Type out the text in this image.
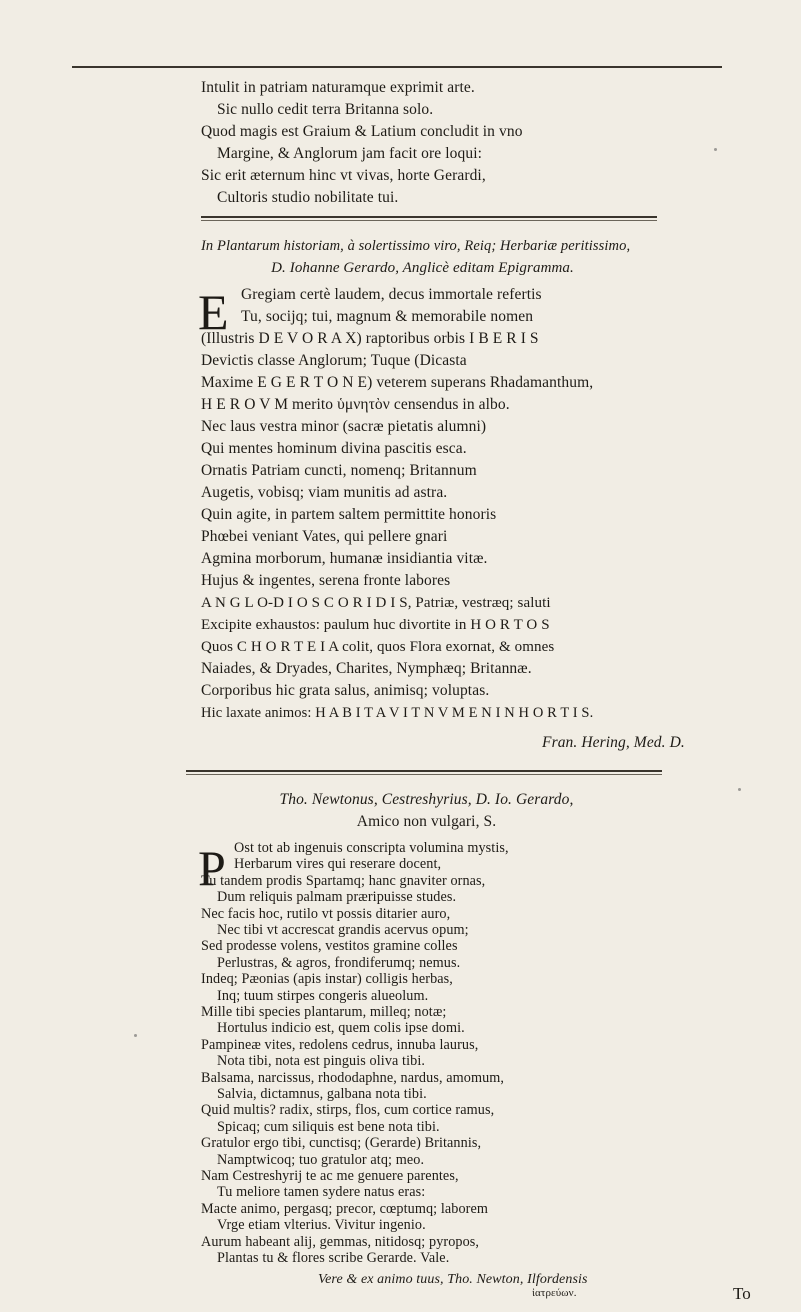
Intulit in patriam naturamque exprimit arte.
Sic nullo cedit terra Britanna solo.
Quod magis est Graium & Latium concludit in vno
Margine, & Anglorum jam facit ore loqui:
Sic erit æternum hinc vt vivas, horte Gerardi,
Cultoris studio nobilitate tui.
In Plantarum historiam, à solertissimo viro, Reiq; Herbariæ peritissimo,
D. Iohanne Gerardo, Anglicè editam Epigramma.
E Gregiam certè laudem, decus immortale refertis
Tu, socijq; tui, magnum & memorabile nomen
(Illustris D E V O R A X) raptoribus orbis I B E R I S
Devictis classe Anglorum; Tuque (Dicasta
Maxime E G E R T O N E) veterem superans Rhadamanthum,
H E R O V M merito ὑμνητὸν censendus in albo.
Nec laus vestra minor (sacræ pietatis alumni)
Qui mentes hominum divina pascitis esca.
Ornatis Patriam cuncti, nomenq; Britannum
Augetis, vobisq; viam munitis ad astra.
Quin agite, in partem saltem permittite honoris
Phœbei veniant Vates, qui pellere gnari
Agmina morborum, humanæ insidiantia vitæ.
Hujus & ingentes, serena fronte labores
A N G L O-D I O S C O R I D I S, Patriæ, vestræq; saluti
Excipite exhaustos: paulum huc divortite in H O R T O S
Quos C H O R T E I A colit, quos Flora exornat, & omnes
Naiades, & Dryades, Charites, Nymphæq; Britannæ.
Corporibus hic grata salus, animisq; voluptas.
Hic laxate animos: H A B I T A V I T N V M E N I N H O R T I S.
Fran. Hering, Med. D.
Tho. Newtonus, Cestreshyrius, D. Io. Gerardo,
Amico non vulgari, S.
P Ost tot ab ingenuis conscripta volumina mystis,
Herbarum vires qui reserare docent,
Tu tandem prodis Spartamq; hanc gnaviter ornas,
Dum reliquis palmam præripuisse studes.
Nec facis hoc, rutilo vt possis ditarier auro,
Nec tibi vt accrescat grandis acervus opum;
Sed prodesse volens, vestitos gramine colles
Perlustras, & agros, frondiferumq; nemus.
Indeq; Pæonias (apis instar) colligis herbas,
Inq; tuum stirpes congeris alueolum.
Mille tibi species plantarum, milleq; notæ;
Hortulus indicio est, quem colis ipse domi.
Pampineæ vites, redolens cedrus, innuba laurus,
Nota tibi, nota est pinguis oliva tibi.
Balsama, narcissus, rhododaphne, nardus, amomum,
Salvia, dictamnus, galbana nota tibi.
Quid multis? radix, stirps, flos, cum cortice ramus,
Spicaq; cum siliquis est bene nota tibi.
Gratulor ergo tibi, cunctisq; (Gerarde) Britannis,
Namptwicoq; tuo gratulor atq; meo.
Nam Cestreshyrij te ac me genuere parentes,
Tu meliore tamen sydere natus eras:
Macte animo, pergasq; precor, cœptumq; laborem
Vrge etiam vlterius. Vivitur ingenio.
Aurum habeant alij, gemmas, nitidosq; pyropos,
Plantas tu & flores scribe Gerarde. Vale.
Vere & ex animo tuus, Tho. Newton, Ilfordensis
ἰατρεύων.	To
